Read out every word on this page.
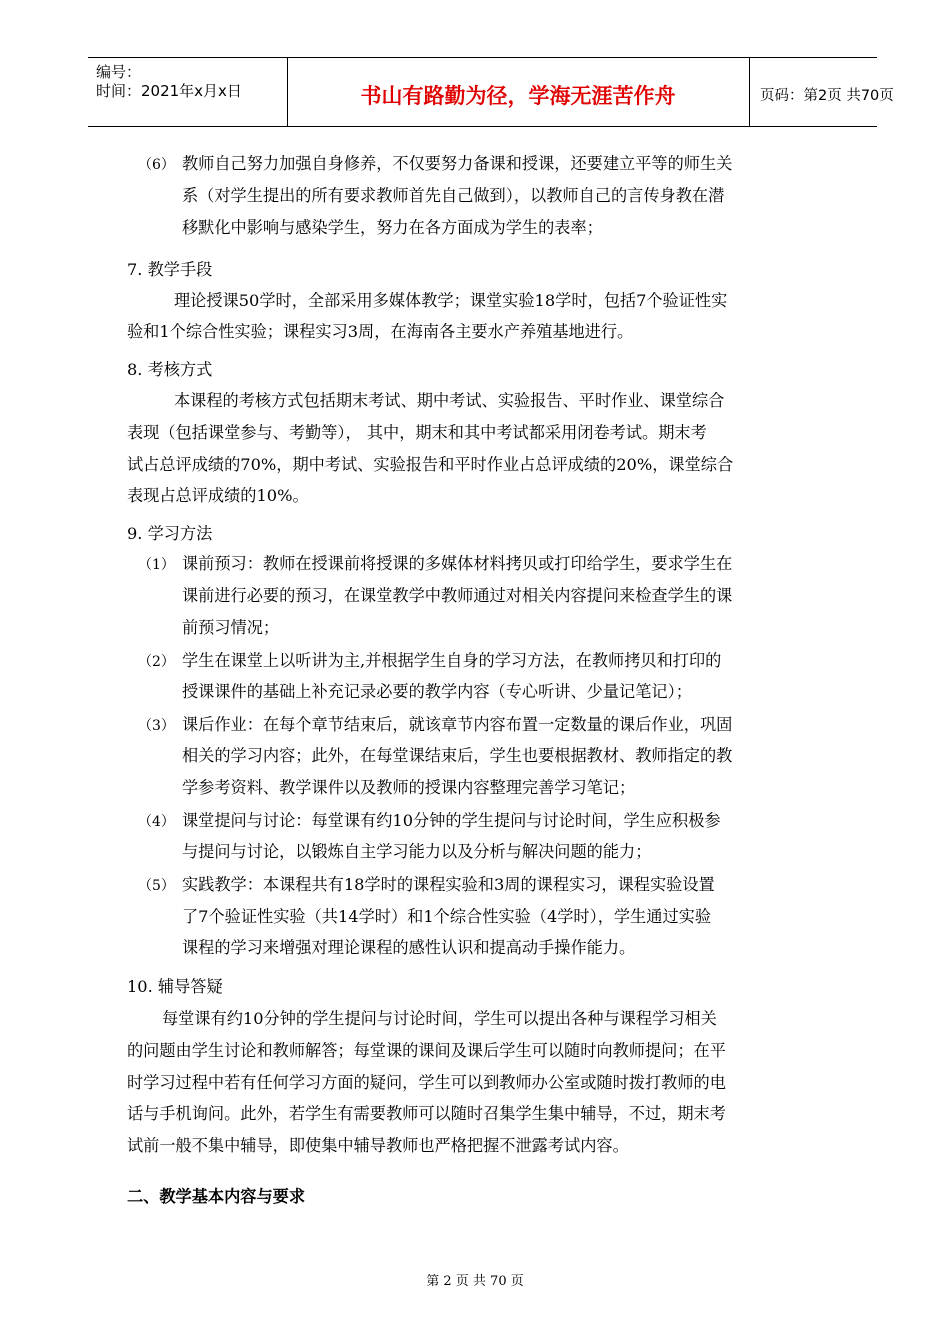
编号：
时间：2021年x月x日	书山有路勤为径，学海无涯苦作舟	页码：第2页 共70页
（6） 教师自己努力加强自身修养，不仅要努力备课和授课，还要建立平等的师生关
系（对学生提出的所有要求教师首先自己做到），以教师自己的言传身教在潜
移默化中影响与感染学生，努力在各方面成为学生的表率；
7. 教学手段
理论授课50学时，全部采用多媒体教学；课堂实验18学时，包括7个验证性实
验和1个综合性实验；课程实习3周，在海南各主要水产养殖基地进行。
8. 考核方式
本课程的考核方式包括期末考试、期中考试、实验报告、平时作业、课堂综合
表现（包括课堂参与、考勤等）， 其中，期末和其中考试都采用闭卷考试。期末考
试占总评成绩的70%，期中考试、实验报告和平时作业占总评成绩的20%，课堂综合
表现占总评成绩的10%。
9. 学习方法
（1） 课前预习：教师在授课前将授课的多媒体材料拷贝或打印给学生，要求学生在
课前进行必要的预习，在课堂教学中教师通过对相关内容提问来检查学生的课
前预习情况；
（2） 学生在课堂上以听讲为主,并根据学生自身的学习方法，在教师拷贝和打印的
授课课件的基础上补充记录必要的教学内容（专心听讲、少量记笔记）；
（3） 课后作业：在每个章节结束后，就该章节内容布置一定数量的课后作业，巩固
相关的学习内容；此外，在每堂课结束后，学生也要根据教材、教师指定的教
学参考资料、教学课件以及教师的授课内容整理完善学习笔记；
（4） 课堂提问与讨论：每堂课有约10分钟的学生提问与讨论时间，学生应积极参
与提问与讨论，以锻炼自主学习能力以及分析与解决问题的能力；
（5） 实践教学：本课程共有18学时的课程实验和3周的课程实习，课程实验设置
了7个验证性实验（共14学时）和1个综合性实验（4学时），学生通过实验
课程的学习来增强对理论课程的感性认识和提高动手操作能力。
10. 辅导答疑
每堂课有约10分钟的学生提问与讨论时间，学生可以提出各种与课程学习相关
的问题由学生讨论和教师解答；每堂课的课间及课后学生可以随时向教师提问；在平
时学习过程中若有任何学习方面的疑问，学生可以到教师办公室或随时拨打教师的电
话与手机询问。此外，若学生有需要教师可以随时召集学生集中辅导，不过，期末考
试前一般不集中辅导，即使集中辅导教师也严格把握不泄露考试内容。
二、教学基本内容与要求
第 2 页 共 70 页
